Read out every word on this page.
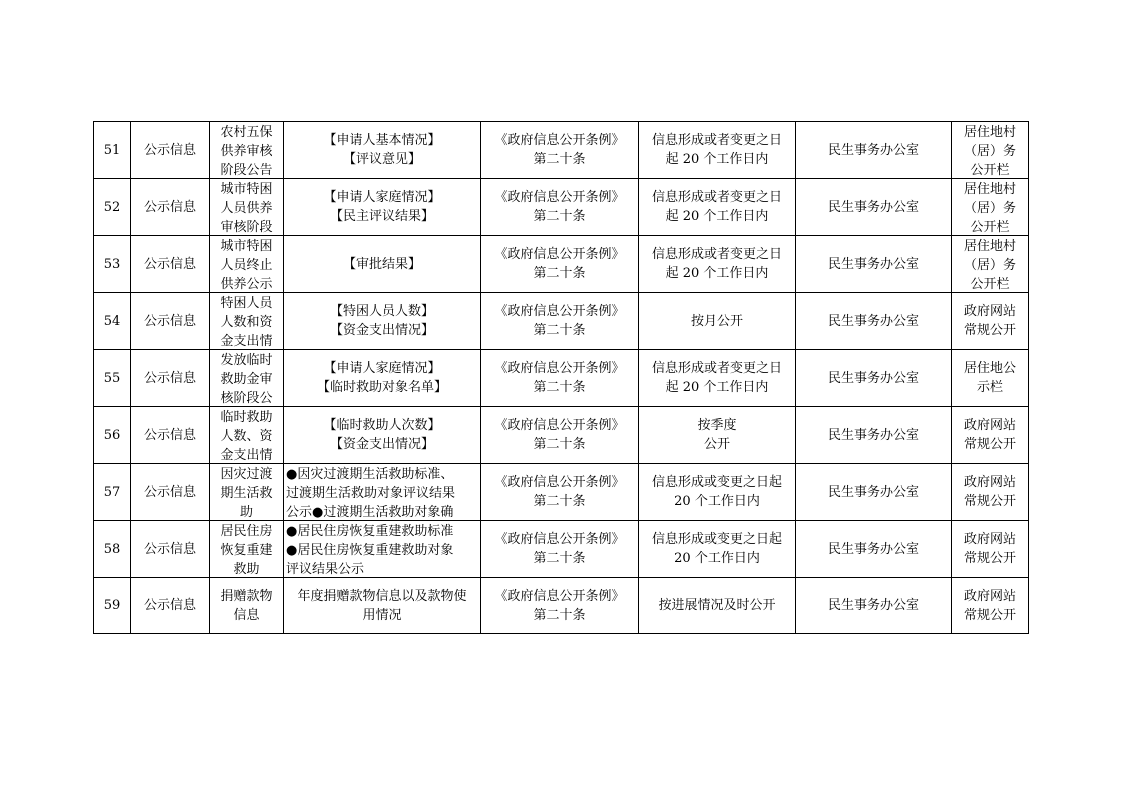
51	公示信息	农村五保
供养审核
阶段公告	【申请人基本情况】
【评议意见】	《政府信息公开条例》
第二十条	信息形成或者变更之日
起 20 个工作日内	民生事务办公室	居住地村
（居）务
公开栏

52	公示信息	城市特困
人员供养
审核阶段	【申请人家庭情况】
【民主评议结果】	《政府信息公开条例》
第二十条	信息形成或者变更之日
起 20 个工作日内	民生事务办公室	居住地村
（居）务
公开栏

53	公示信息	城市特困
人员终止
供养公示	【审批结果】	《政府信息公开条例》
第二十条	信息形成或者变更之日
起 20 个工作日内	民生事务办公室	居住地村
（居）务
公开栏

54	公示信息	特困人员
人数和资
金支出情	【特困人员人数】
【资金支出情况】	《政府信息公开条例》
第二十条	按月公开	民生事务办公室	政府网站
常规公开

55	公示信息	发放临时
救助金审
核阶段公	【申请人家庭情况】
【临时救助对象名单】	《政府信息公开条例》
第二十条	信息形成或者变更之日
起 20 个工作日内	民生事务办公室	居住地公
示栏

56	公示信息	临时救助
人数、资
金支出情	【临时救助人次数】
【资金支出情况】	《政府信息公开条例》
第二十条	按季度
公开	民生事务办公室	政府网站
常规公开

57	公示信息	因灾过渡
期生活救
助	●因灾过渡期生活救助标准、
过渡期生活救助对象评议结果
公示●过渡期生活救助对象确	《政府信息公开条例》
第二十条	信息形成或变更之日起
20 个工作日内	民生事务办公室	政府网站
常规公开

58	公示信息	居民住房
恢复重建
救助	●居民住房恢复重建救助标准
●居民住房恢复重建救助对象
评议结果公示	《政府信息公开条例》
第二十条	信息形成或变更之日起
20 个工作日内	民生事务办公室	政府网站
常规公开

59	公示信息	捐赠款物
信息	年度捐赠款物信息以及款物使
用情况	《政府信息公开条例》
第二十条	按进展情况及时公开	民生事务办公室	政府网站
常规公开
